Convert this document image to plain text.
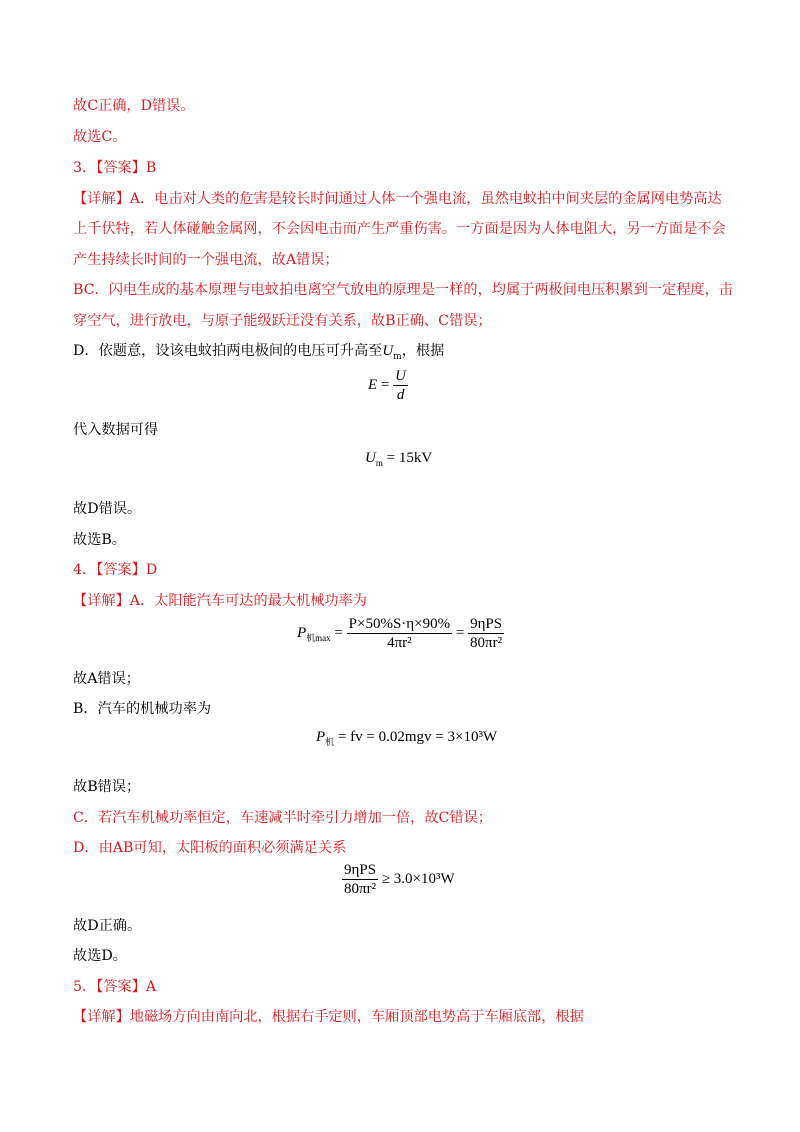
故C正确，D错误。
故选C。
3．【答案】B
【详解】A．电击对人类的危害是较长时间通过人体一个强电流，虽然电蚊拍中间夹层的金属网电势高达
上千伏特，若人体碰触金属网，不会因电击而产生严重伤害。一方面是因为人体电阻大，另一方面是不会
产生持续长时间的一个强电流，故A错误；
BC．闪电生成的基本原理与电蚊拍电离空气放电的原理是一样的，均属于两极间电压积累到一定程度，击
穿空气，进行放电，与原子能级跃迁没有关系，故B正确、C错误；
D．依题意，设该电蚊拍两电极间的电压可升高至$U_m$，根据
$E = \frac{U}{d}$
代入数据可得
$U_m = 15kV$
故D错误。
故选B。
4．【答案】D
【详解】A．太阳能汽车可达的最大机械功率为
$P_{机max} = \frac{P\times 50\%S\cdot\eta\times 90\%}{\text{4πr²}} = \frac{\text{9ηPS}}{\text{80πr²}}$
故A错误；
B．汽车的机械功率为
$P_机$ = fv = 0.02mgv = 3×10³W
故B错误；
C．若汽车机械功率恒定，车速减半时牵引力增加一倍，故C错误；
D．由AB可知，太阳板的面积必须满足关系
$\frac{\text{9ηPS}}{\text{80πr²}} \ge 3.0\times 10^3W$
故D正确。
故选D。
5．【答案】A
【详解】地磁场方向由南向北，根据右手定则，车厢顶部电势高于车厢底部，根据
